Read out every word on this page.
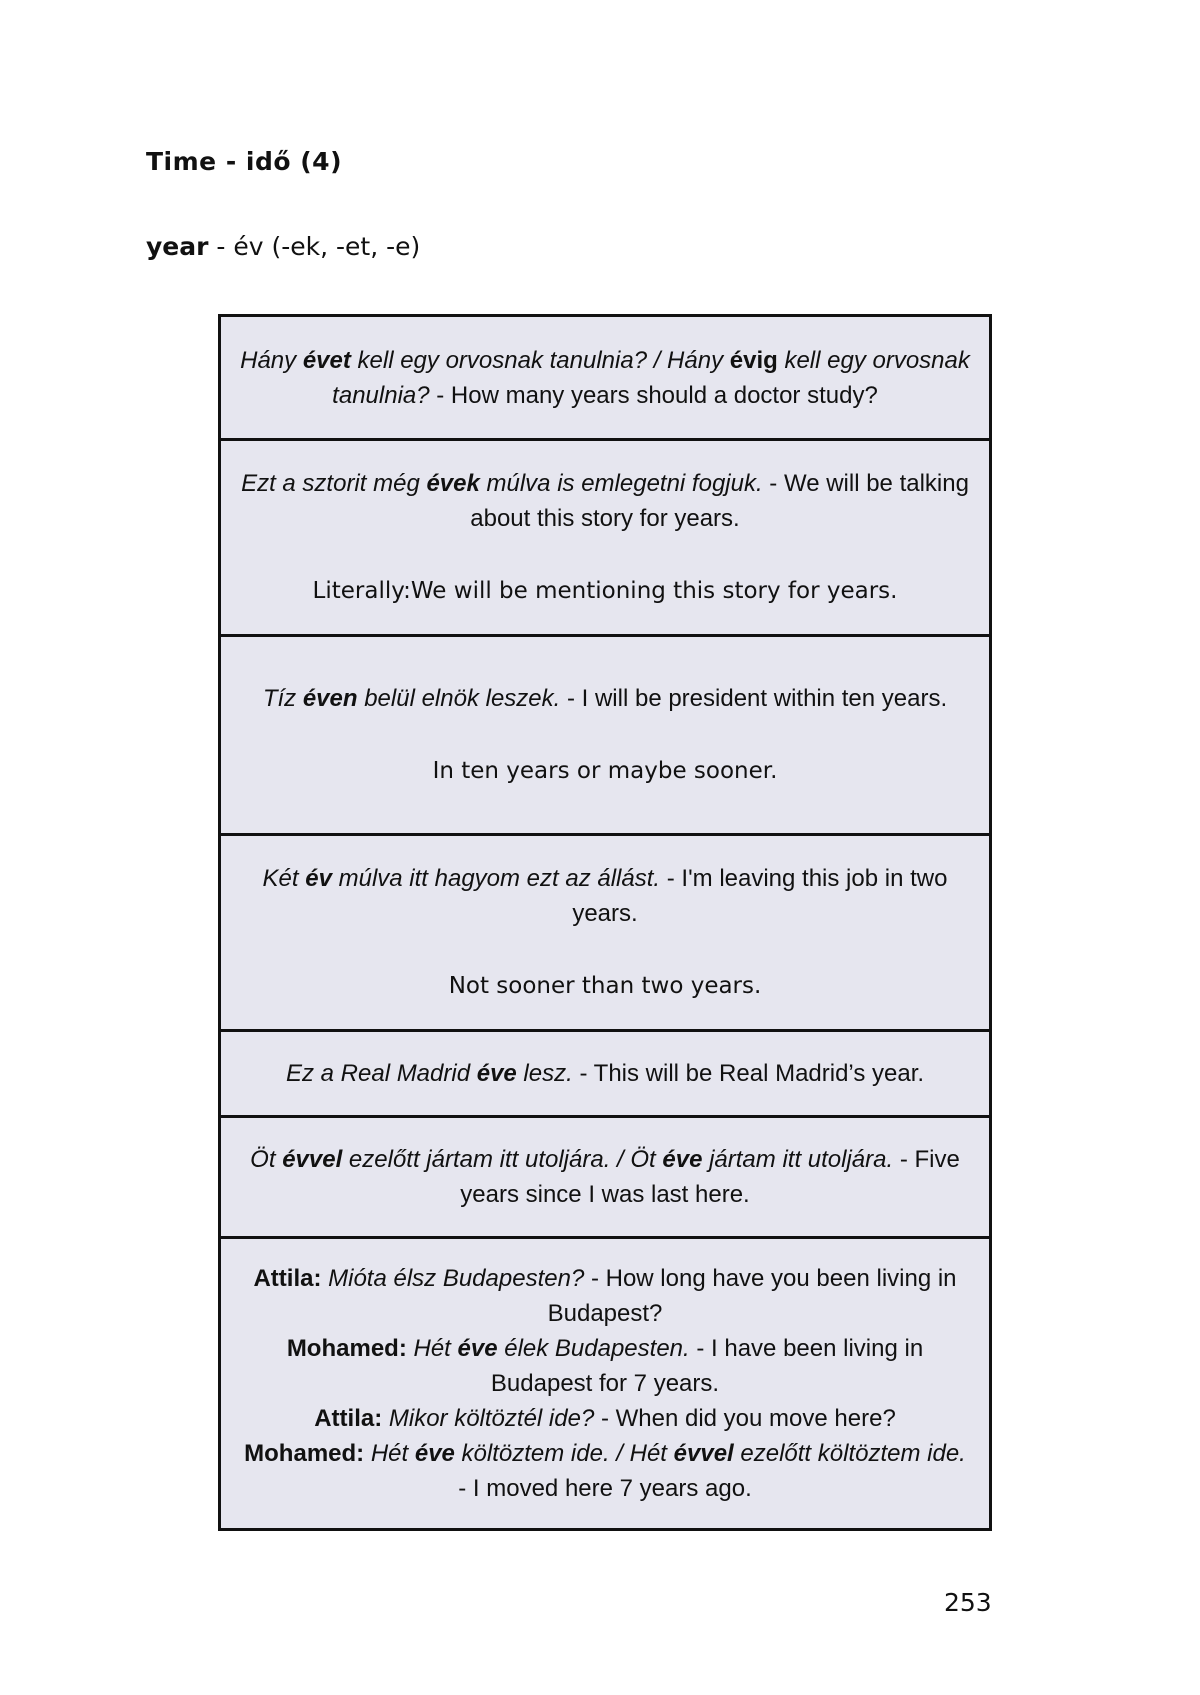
Time - idő (4)
year - év (-ek, -et, -e)
Hány évet kell egy orvosnak tanulnia? / Hány évig kell egy orvosnak tanulnia? - How many years should a doctor study?
Ezt a sztorit még évek múlva is emlegetni fogjuk. - We will be talking about this story for years.
Literally:We will be mentioning this story for years.
Tíz éven belül elnök leszek. - I will be president within ten years.
In ten years or maybe sooner.
Két év múlva itt hagyom ezt az állást. - I'm leaving this job in two years.
Not sooner than two years.
Ez a Real Madrid éve lesz. - This will be Real Madrid’s year.
Öt évvel ezelőtt jártam itt utoljára. / Öt éve jártam itt utoljára. - Five years since I was last here.
Attila: Mióta élsz Budapesten? - How long have you been living in Budapest?
Mohamed: Hét éve élek Budapesten. - I have been living in Budapest for 7 years.
Attila: Mikor költöztél ide? - When did you move here?
Mohamed: Hét éve költöztem ide. / Hét évvel ezelőtt költöztem ide. - I moved here 7 years ago.
253
